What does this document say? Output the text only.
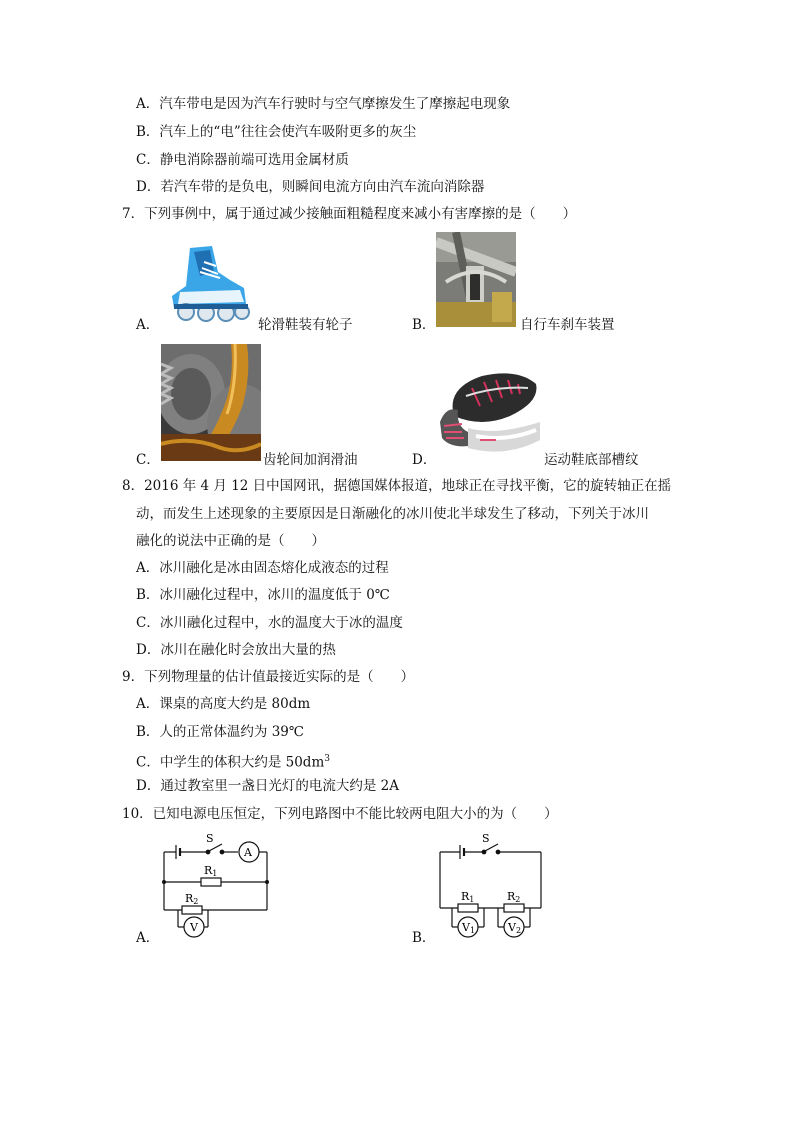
A．汽车带电是因为汽车行驶时与空气摩擦发生了摩擦起电现象
B．汽车上的“电”往往会使汽车吸附更多的灰尘
C．静电消除器前端可选用金属材质
D．若汽车带的是负电，则瞬间电流方向由汽车流向消除器
7．下列事例中，属于通过减少接触面粗糙程度来减小有害摩擦的是（　　）
A．	轮滑鞋装有轮子	B．	自行车刹车装置
C．	齿轮间加润滑油	D．	运动鞋底部槽纹
8．2016 年 4 月 12 日中国网讯，据德国媒体报道，地球正在寻找平衡，它的旋转轴正在摇
动，而发生上述现象的主要原因是日渐融化的冰川使北半球发生了移动，下列关于冰川
融化的说法中正确的是（　　）
A．冰川融化是冰由固态熔化成液态的过程
B．冰川融化过程中，冰川的温度低于 0℃
C．冰川融化过程中，水的温度大于冰的温度
D．冰川在融化时会放出大量的热
9．下列物理量的估计值最接近实际的是（　　）
A．课桌的高度大约是 80dm
B．人的正常体温约为 39℃
C．中学生的体积大约是 $50dm^3$
D．通过教室里一盏日光灯的电流大约是 2A
10．已知电源电压恒定，下列电路图中不能比较两电阻大小的为（　　）
A．
S
A
R1
R2
V
B．
S
R1	R2
V1	V2
